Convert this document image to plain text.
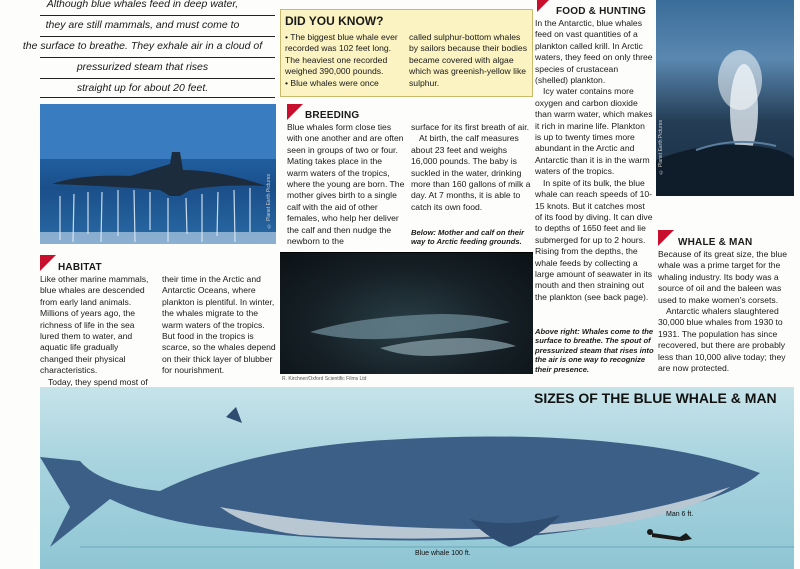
Although blue whales feed in deep water,
they are still mammals, and must come to
the surface to breathe. They exhale air in a cloud of
pressurized steam that rises
straight up for about 20 feet.
© Planet Earth Pictures
HABITAT

Like other marine mammals, blue whales are descended from early land animals. Millions of years ago, the richness of life in the sea lured them to water, and aquatic life gradually changed their physical characteristics.

Today, they spend most of

their time in the Arctic and Antarctic Oceans, where plankton is plentiful. In winter, the whales migrate to the warm waters of the tropics. But food in the tropics is scarce, so the whales depend on their thick layer of blubber for nourishment.

DID YOU KNOW?
• The biggest blue whale ever recorded was 102 feet long. The heaviest one recorded weighed 390,000 pounds.
• Blue whales were once
called sulphur-bottom whales by sailors because their bodies became covered with algae which was greenish-yellow like sulphur.
BREEDING

Blue whales form close ties with one another and are often seen in groups of two or four. Mating takes place in the warm waters of the tropics, where the young are born. The mother gives birth to a single calf with the aid of other females, who help her deliver the calf and then nudge the newborn to the

surface for its first breath of air.

At birth, the calf measures about 23 feet and weighs 16,000 pounds. The baby is suckled in the water, drinking more than 160 gallons of milk a day. At 7 months, it is able to catch its own food.

Below: Mother and calf on their way to Arctic feeding grounds.
R. Kirchner/Oxford Scientific Films Ltd
FOOD & HUNTING

In the Antarctic, blue whales feed on vast quantities of a plankton called krill. In Arctic waters, they feed on only three species of crustacean (shelled) plankton.

Icy water contains more oxygen and carbon dioxide than warm water, which makes it rich in marine life. Plankton is up to twenty times more abundant in the Arctic and Antarctic than it is in the warm waters of the tropics.

In spite of its bulk, the blue whale can reach speeds of 10-15 knots. But it catches most of its food by diving. It can dive to depths of 1650 feet and lie submerged for up to 2 hours. Rising from the depths, the whale feeds by collecting a large amount of seawater in its mouth and then straining out the plankton (see back page).

Above right: Whales come to the surface to breathe. The spout of pressurized steam that rises into the air is one way to recognize their presence.
© Planet Earth Pictures
WHALE & MAN

Because of its great size, the blue whale was a prime target for the whaling industry. Its body was a source of oil and the baleen was used to make women's corsets.

Antarctic whalers slaughtered 30,000 blue whales from 1930 to 1931. The population has since recovered, but there are probably less than 10,000 alive today; they are now protected.

SIZES OF THE BLUE WHALE & MAN
Blue whale 100 ft.
Man 6 ft.
